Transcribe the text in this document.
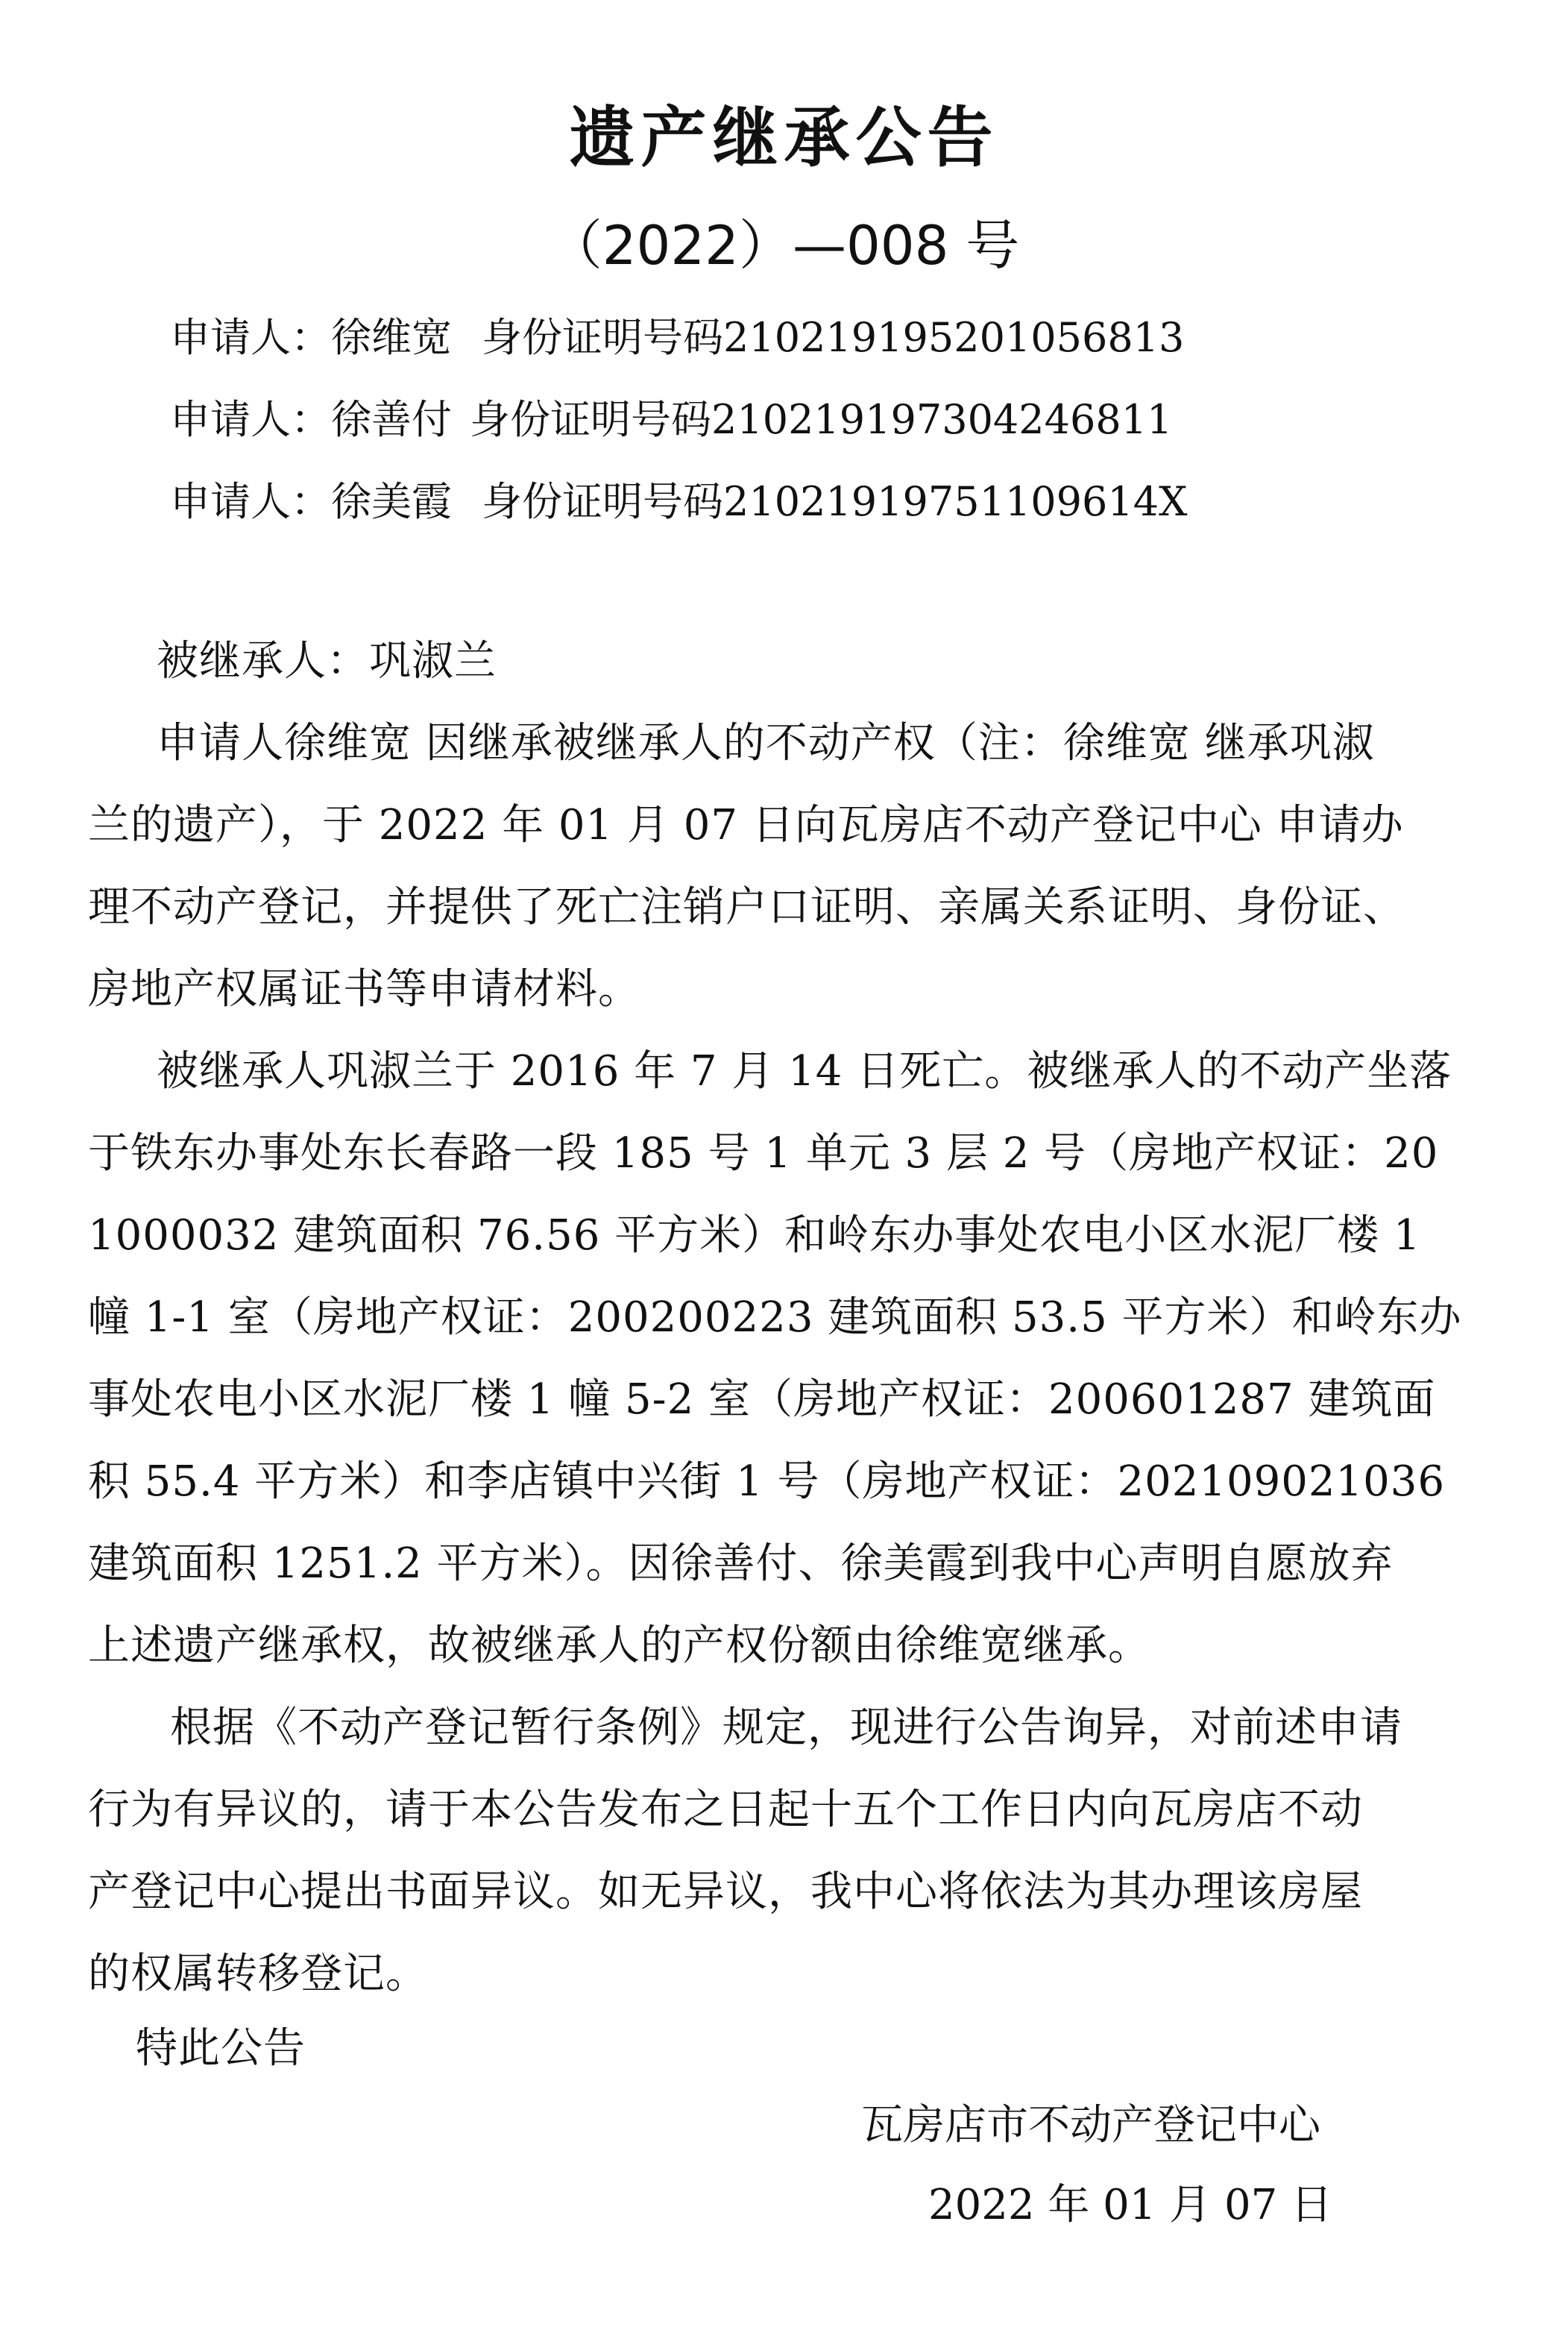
遗产继承公告
（2022）—008 号
申请人：徐维宽 身份证明号码210219195201056813
申请人：徐善付 身份证明号码210219197304246811
申请人：徐美霞 身份证明号码21021919751109614X
被继承人：巩淑兰
申请人徐维宽 因继承被继承人的不动产权（注：徐维宽 继承巩淑
兰的遗产），于 2022 年 01 月 07 日向瓦房店不动产登记中心 申请办
理不动产登记，并提供了死亡注销户口证明、亲属关系证明、身份证、
房地产权属证书等申请材料。
被继承人巩淑兰于 2016 年 7 月 14 日死亡。被继承人的不动产坐落
于铁东办事处东长春路一段 185 号 1 单元 3 层 2 号（房地产权证：20
1000032 建筑面积 76.56 平方米）和岭东办事处农电小区水泥厂楼 1
幢 1-1 室（房地产权证：200200223 建筑面积 53.5 平方米）和岭东办
事处农电小区水泥厂楼 1 幢 5-2 室（房地产权证：200601287 建筑面
积 55.4 平方米）和李店镇中兴街 1 号（房地产权证：202109021036
建筑面积 1251.2 平方米）。因徐善付、徐美霞到我中心声明自愿放弃
上述遗产继承权，故被继承人的产权份额由徐维宽继承。
根据《不动产登记暂行条例》规定，现进行公告询异，对前述申请
行为有异议的，请于本公告发布之日起十五个工作日内向瓦房店不动
产登记中心提出书面异议。如无异议，我中心将依法为其办理该房屋
的权属转移登记。
特此公告
瓦房店市不动产登记中心
2022 年 01 月 07 日
